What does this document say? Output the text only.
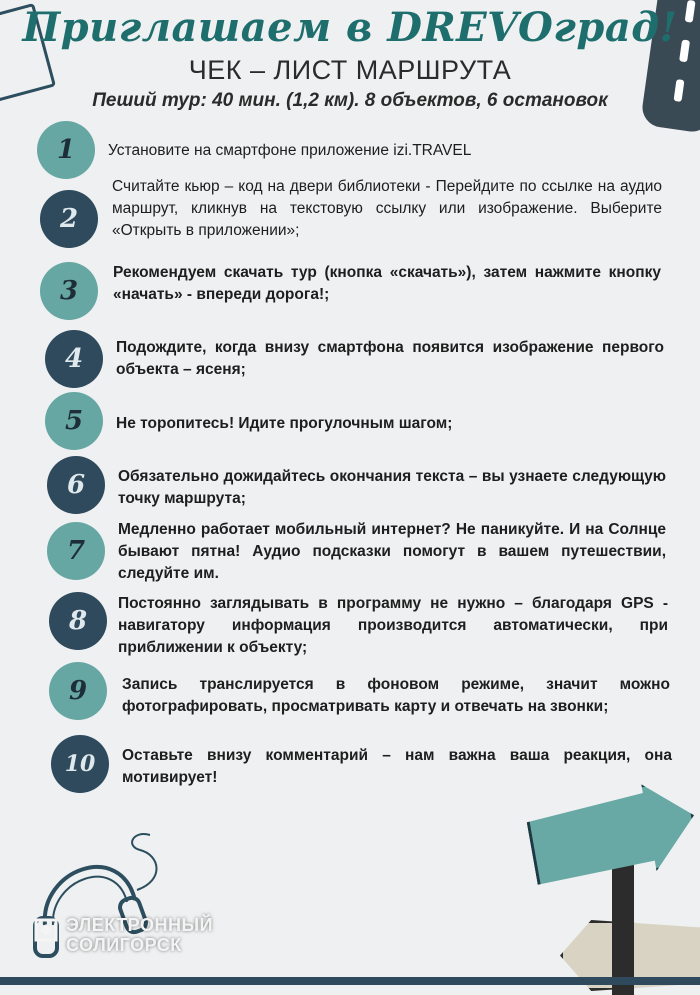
Приглашаем в DREVOград!
ЧЕК – ЛИСТ МАРШРУТА
Пеший тур: 40 мин. (1,2 км). 8 объектов, 6 остановок
1	Установите на смартфоне приложение izi.TRAVEL
2
Считайте кьюр – код на двери библиотеки - Перейдите по ссылке на аудио маршрут, кликнув на текстовую ссылку или изображение. Выберите «Открыть в приложении»;
3
Рекомендуем скачать тур (кнопка «скачать»), затем нажмите кнопку «начать» - впереди дорога!;
4	Подождите, когда внизу смартфона появится изображение первого объекта – ясеня;
5	Не торопитесь! Идите прогулочным шагом;
6	Обязательно дожидайтесь окончания текста – вы узнаете следующую точку маршрута;
7
Медленно работает мобильный интернет? Не паникуйте. И на Солнце бывают пятна! Аудио подсказки помогут в вашем путешествии, следуйте им.
8
Постоянно заглядывать в программу не нужно – благодаря GPS - навигатору информация производится автоматически, при приближении к объекту;
9	Запись транслируется в фоновом режиме, значит можно фотографировать, просматривать карту и отвечать на звонки;
10	Оставьте внизу комментарий – нам важна ваша реакция, она мотивирует!
ЭЛЕКТРОННЫЙ
СОЛИГОРСК
